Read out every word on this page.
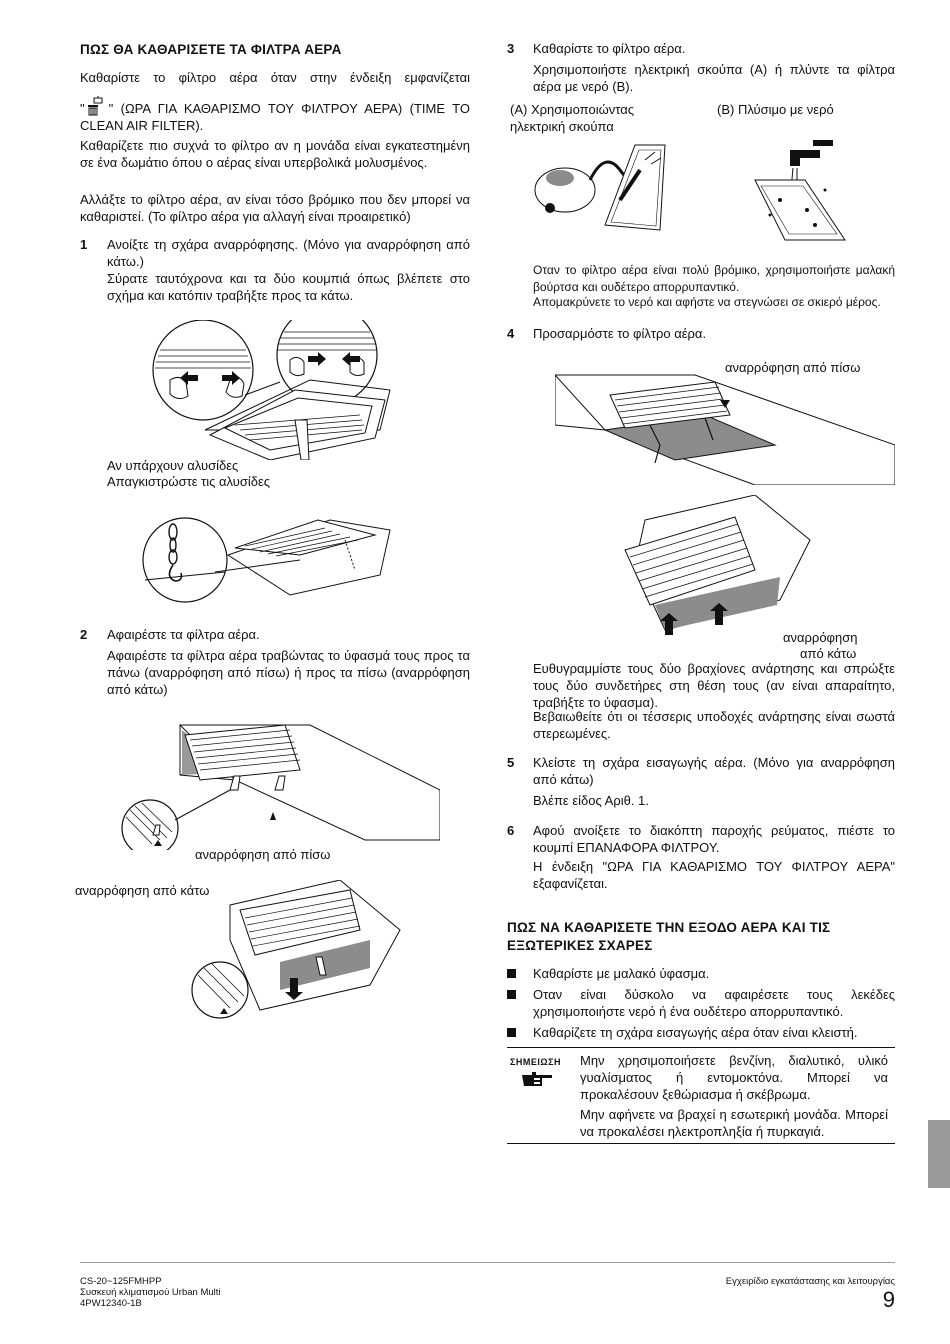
ΠΩΣ ΘΑ ΚΑΘΑΡΙΣΕΤΕ ΤΑ ΦΙΛΤΡΑ ΑΕΡΑ
Καθαρίστε το φίλτρο αέρα όταν στην ένδειξη εμφανίζεται
" " (ΩΡΑ ΓΙΑ ΚΑΘΑΡΙΣΜΟ ΤΟΥ ΦΙΛΤΡΟΥ ΑΕΡΑ) (TIME TO CLEAN AIR FILTER).
Καθαρίζετε πιο συχνά το φίλτρο αν η μονάδα είναι εγκατεστημένη σε ένα δωμάτιο όπου ο αέρας είναι υπερβολικά μολυσμένος.
Αλλάξτε το φίλτρο αέρα, αν είναι τόσο βρόμικο που δεν μπορεί να καθαριστεί. (Το φίλτρο αέρα για αλλαγή είναι προαιρετικό)
1 Ανοίξτε τη σχάρα αναρρόφησης. (Μόνο για αναρρόφηση από κάτω.)
Σύρατε ταυτόχρονα και τα δύο κουμπιά όπως βλέπετε στο σχήμα και κατόπιν τραβήξτε προς τα κάτω.
Αν υπάρχουν αλυσίδες
Απαγκιστρώστε τις αλυσίδες
2 Αφαιρέστε τα φίλτρα αέρα.
Αφαιρέστε τα φίλτρα αέρα τραβώντας το ύφασμά τους προς τα πάνω (αναρρόφηση από πίσω) ή προς τα πίσω (αναρρόφηση από κάτω)
αναρρόφηση από πίσω
αναρρόφηση από κάτω
3 Καθαρίστε το φίλτρο αέρα.
Χρησιμοποιήστε ηλεκτρική σκούπα (A) ή πλύντε τα φίλτρα αέρα με νερό (B).
(A) Χρησιμοποιώντας ηλεκτρική σκούπα
(B) Πλύσιμο με νερό
Οταν το φίλτρο αέρα είναι πολύ βρόμικο, χρησιμοποιήστε μαλακή βούρτσα και ουδέτερο απορρυπαντικό.
Απομακρύνετε το νερό και αφήστε να στεγνώσει σε σκιερό μέρος.
4 Προσαρμόστε το φίλτρο αέρα.
αναρρόφηση από πίσω
αναρρόφηση
από κάτω
Ευθυγραμμίστε τους δύο βραχίονες ανάρτησης και σπρώξτε τους δύο συνδετήρες στη θέση τους (αν είναι απαραίτητο, τραβήξτε το ύφασμα).
Βεβαιωθείτε ότι οι τέσσερις υποδοχές ανάρτησης είναι σωστά στερεωμένες.
5 Κλείστε τη σχάρα εισαγωγής αέρα. (Μόνο για αναρρόφηση από κάτω)
Βλέπε είδος Αριθ. 1.
6 Αφού ανοίξετε το διακόπτη παροχής ρεύματος, πιέστε το κουμπί ΕΠΑΝΑΦΟΡΑ ΦΙΛΤΡΟΥ.
Η ένδειξη "ΩΡΑ ΓΙΑ ΚΑΘΑΡΙΣΜΟ ΤΟΥ ΦΙΛΤΡΟΥ ΑΕΡΑ" εξαφανίζεται.
ΠΩΣ ΝΑ ΚΑΘΑΡΙΣΕΤΕ ΤΗΝ ΕΞΟΔΟ ΑΕΡΑ ΚΑΙ ΤΙΣ
ΕΞΩΤΕΡΙΚΕΣ ΣΧΑΡΕΣ
Καθαρίστε με μαλακό ύφασμα.
Οταν είναι δύσκολο να αφαιρέσετε τους λεκέδες χρησιμοποιήστε νερό ή ένα ουδέτερο απορρυπαντικό.
Καθαρίζετε τη σχάρα εισαγωγής αέρα όταν είναι κλειστή.
ΣΗΜΕΙΩΣΗ Μην χρησιμοποιήσετε βενζίνη, διαλυτικό, υλικό γυαλίσματος ή εντομοκτόνα. Μπορεί να προκαλέσουν ξεθώριασμα ή σκέβρωμα.
Μην αφήνετε να βραχεί η εσωτερική μονάδα. Μπορεί να προκαλέσει ηλεκτροπληξία ή πυρκαγιά.
CS-20~125FMHPP
Συσκευή κλιματισμού Urban Multi
4PW12340-1B
Εγχειρίδιο εγκατάστασης και λειτουργίας
9
